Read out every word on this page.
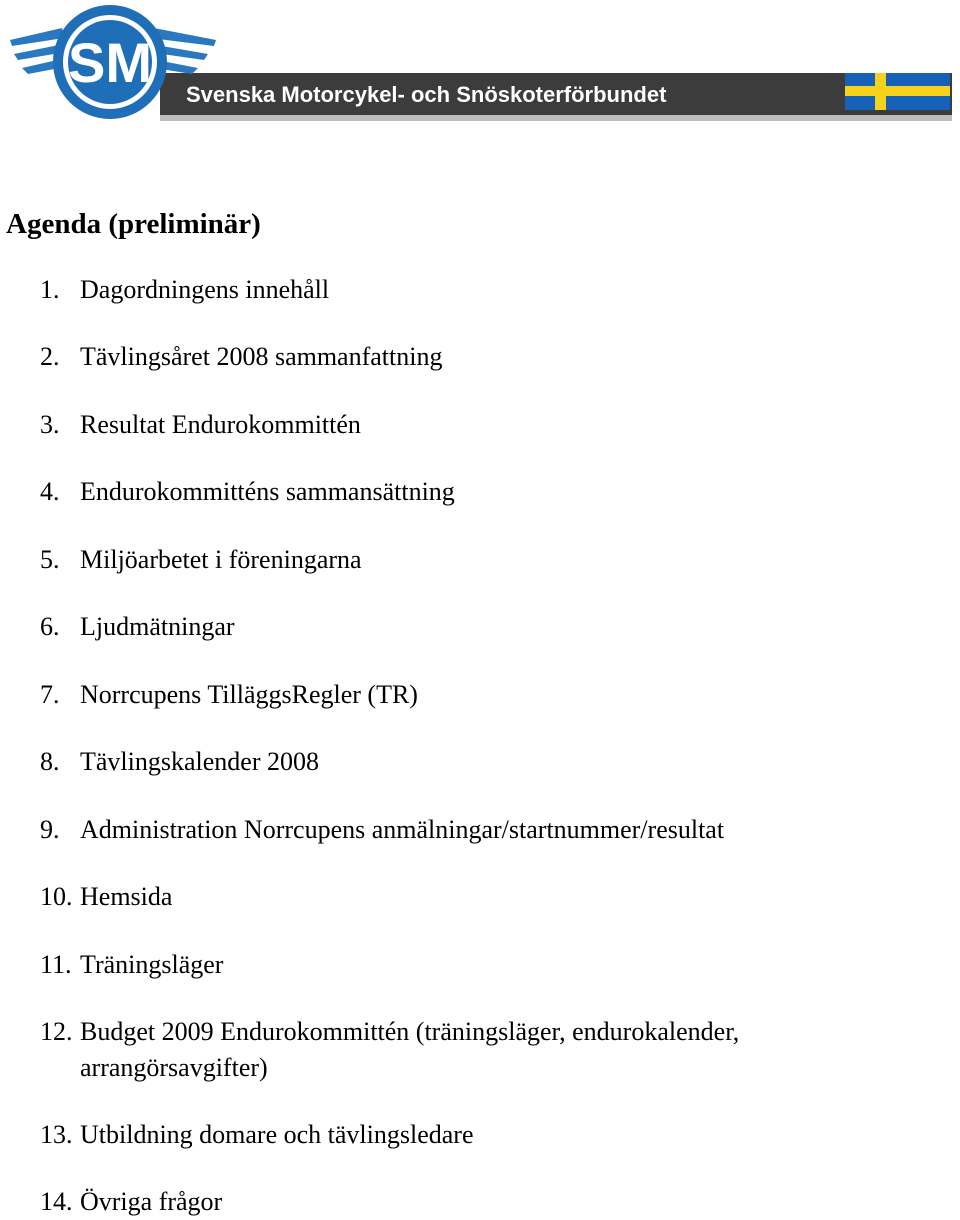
SM
Svenska Motorcykel- och Snöskoterförbundet
Agenda (preliminär)
1. Dagordningens innehåll
2. Tävlingsåret 2008 sammanfattning
3. Resultat Endurokommittén
4. Endurokommitténs sammansättning
5. Miljöarbetet i föreningarna
6. Ljudmätningar
7. Norrcupens TilläggsRegler (TR)
8. Tävlingskalender 2008
9. Administration Norrcupens anmälningar/startnummer/resultat
10. Hemsida
11. Träningsläger
12. Budget 2009 Endurokommittén (träningsläger, endurokalender, arrangörsavgifter)
13. Utbildning domare och tävlingsledare
14. Övriga frågor
